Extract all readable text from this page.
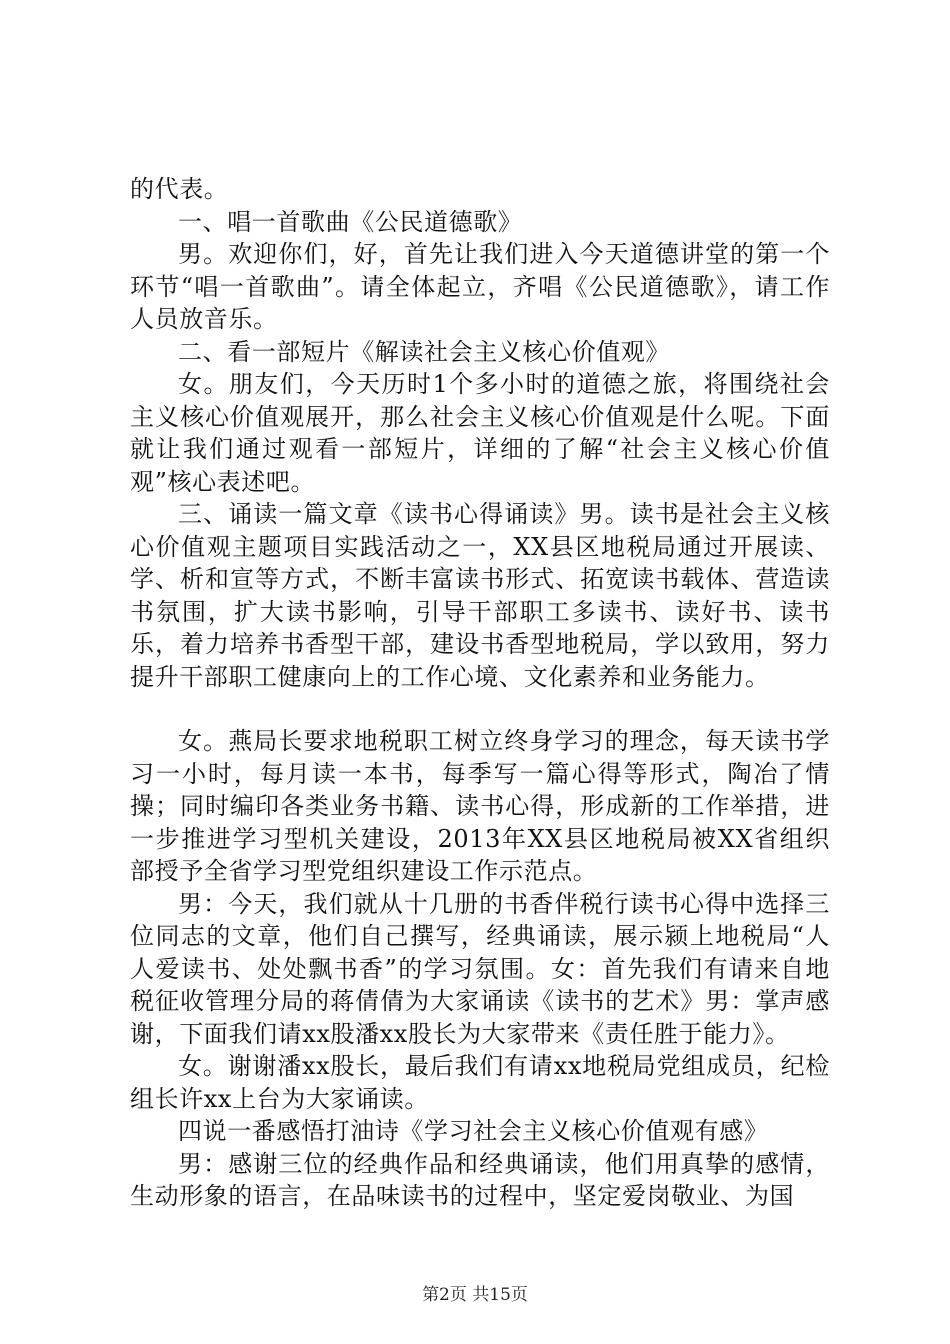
的代表。

一、唱一首歌曲《公民道德歌》

男。欢迎你们，好，首先让我们进入今天道德讲堂的第一个环节“唱一首歌曲”。请全体起立，齐唱《公民道德歌》，请工作人员放音乐。

二、看一部短片《解读社会主义核心价值观》

女。朋友们，今天历时1个多小时的道德之旅，将围绕社会主义核心价值观展开，那么社会主义核心价值观是什么呢。下面就让我们通过观看一部短片，详细的了解“社会主义核心价值观”核心表述吧。

三、诵读一篇文章《读书心得诵读》男。读书是社会主义核心价值观主题项目实践活动之一，XX县区地税局通过开展读、学、析和宣等方式，不断丰富读书形式、拓宽读书载体、营造读书氛围，扩大读书影响，引导干部职工多读书、读好书、读书乐，着力培养书香型干部，建设书香型地税局，学以致用，努力提升干部职工健康向上的工作心境、文化素养和业务能力。

女。燕局长要求地税职工树立终身学习的理念，每天读书学习一小时，每月读一本书，每季写一篇心得等形式，陶冶了情操；同时编印各类业务书籍、读书心得，形成新的工作举措，进一步推进学习型机关建设，2013年XX县区地税局被XX省组织部授予全省学习型党组织建设工作示范点。

男：今天，我们就从十几册的书香伴税行读书心得中选择三位同志的文章，他们自己撰写，经典诵读，展示颍上地税局“人人爱读书、处处飘书香”的学习氛围。女：首先我们有请来自地税征收管理分局的蒋倩倩为大家诵读《读书的艺术》男：掌声感谢，下面我们请xx股潘xx股长为大家带来《责任胜于能力》。

女。谢谢潘xx股长，最后我们有请xx地税局党组成员，纪检组长许xx上台为大家诵读。

四说一番感悟打油诗《学习社会主义核心价值观有感》

男：感谢三位的经典作品和经典诵读，他们用真挚的感情，生动形象的语言，在品味读书的过程中，坚定爱岗敬业、为国

第2页 共15页
